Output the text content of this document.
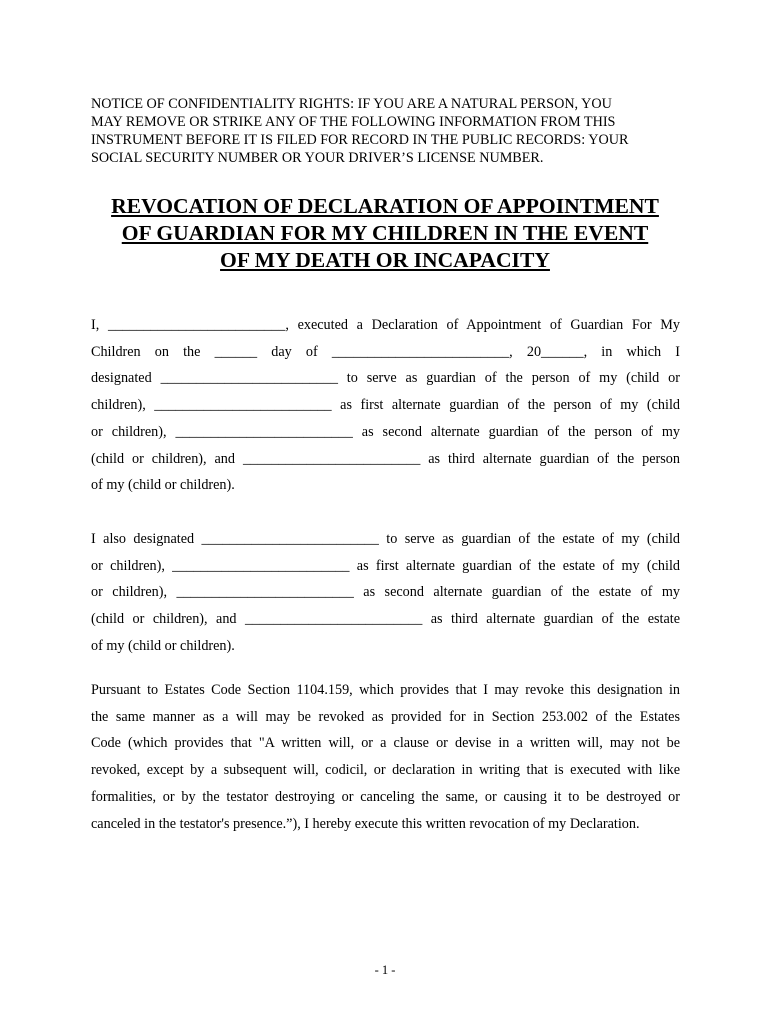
NOTICE OF CONFIDENTIALITY RIGHTS: IF YOU ARE A NATURAL PERSON, YOU

MAY REMOVE OR STRIKE ANY OF THE FOLLOWING INFORMATION FROM THIS

INSTRUMENT BEFORE IT IS FILED FOR RECORD IN THE PUBLIC RECORDS: YOUR

SOCIAL SECURITY NUMBER OR YOUR DRIVER’S LICENSE NUMBER.

REVOCATION OF DECLARATION OF APPOINTMENT

OF GUARDIAN FOR MY CHILDREN IN THE EVENT

OF MY DEATH OR INCAPACITY

I, _________________________, executed a Declaration of Appointment of Guardian For My

Children on the ______ day of _________________________, 20______, in which I

designated _________________________ to serve as guardian of the person of my (child or

children), _________________________ as first alternate guardian of the person of my (child

or children), _________________________ as second alternate guardian of the person of my

(child or children), and _________________________ as third alternate guardian of the person

of my (child or children).

I also designated _________________________ to serve as guardian of the estate of my (child

or children), _________________________ as first alternate guardian of the estate of my (child

or children), _________________________ as second alternate guardian of the estate of my

(child or children), and _________________________ as third alternate guardian of the estate

of my (child or children).

Pursuant to Estates Code Section 1104.159, which provides that I may revoke this designation in

the same manner as a will may be revoked as provided for in Section 253.002 of the Estates

Code (which provides that "A written will, or a clause or devise in a written will, may not be

revoked, except by a subsequent will, codicil, or declaration in writing that is executed with like

formalities, or by the testator destroying or canceling the same, or causing it to be destroyed or

canceled in the testator's presence.”), I hereby execute this written revocation of my Declaration.

- 1 -
